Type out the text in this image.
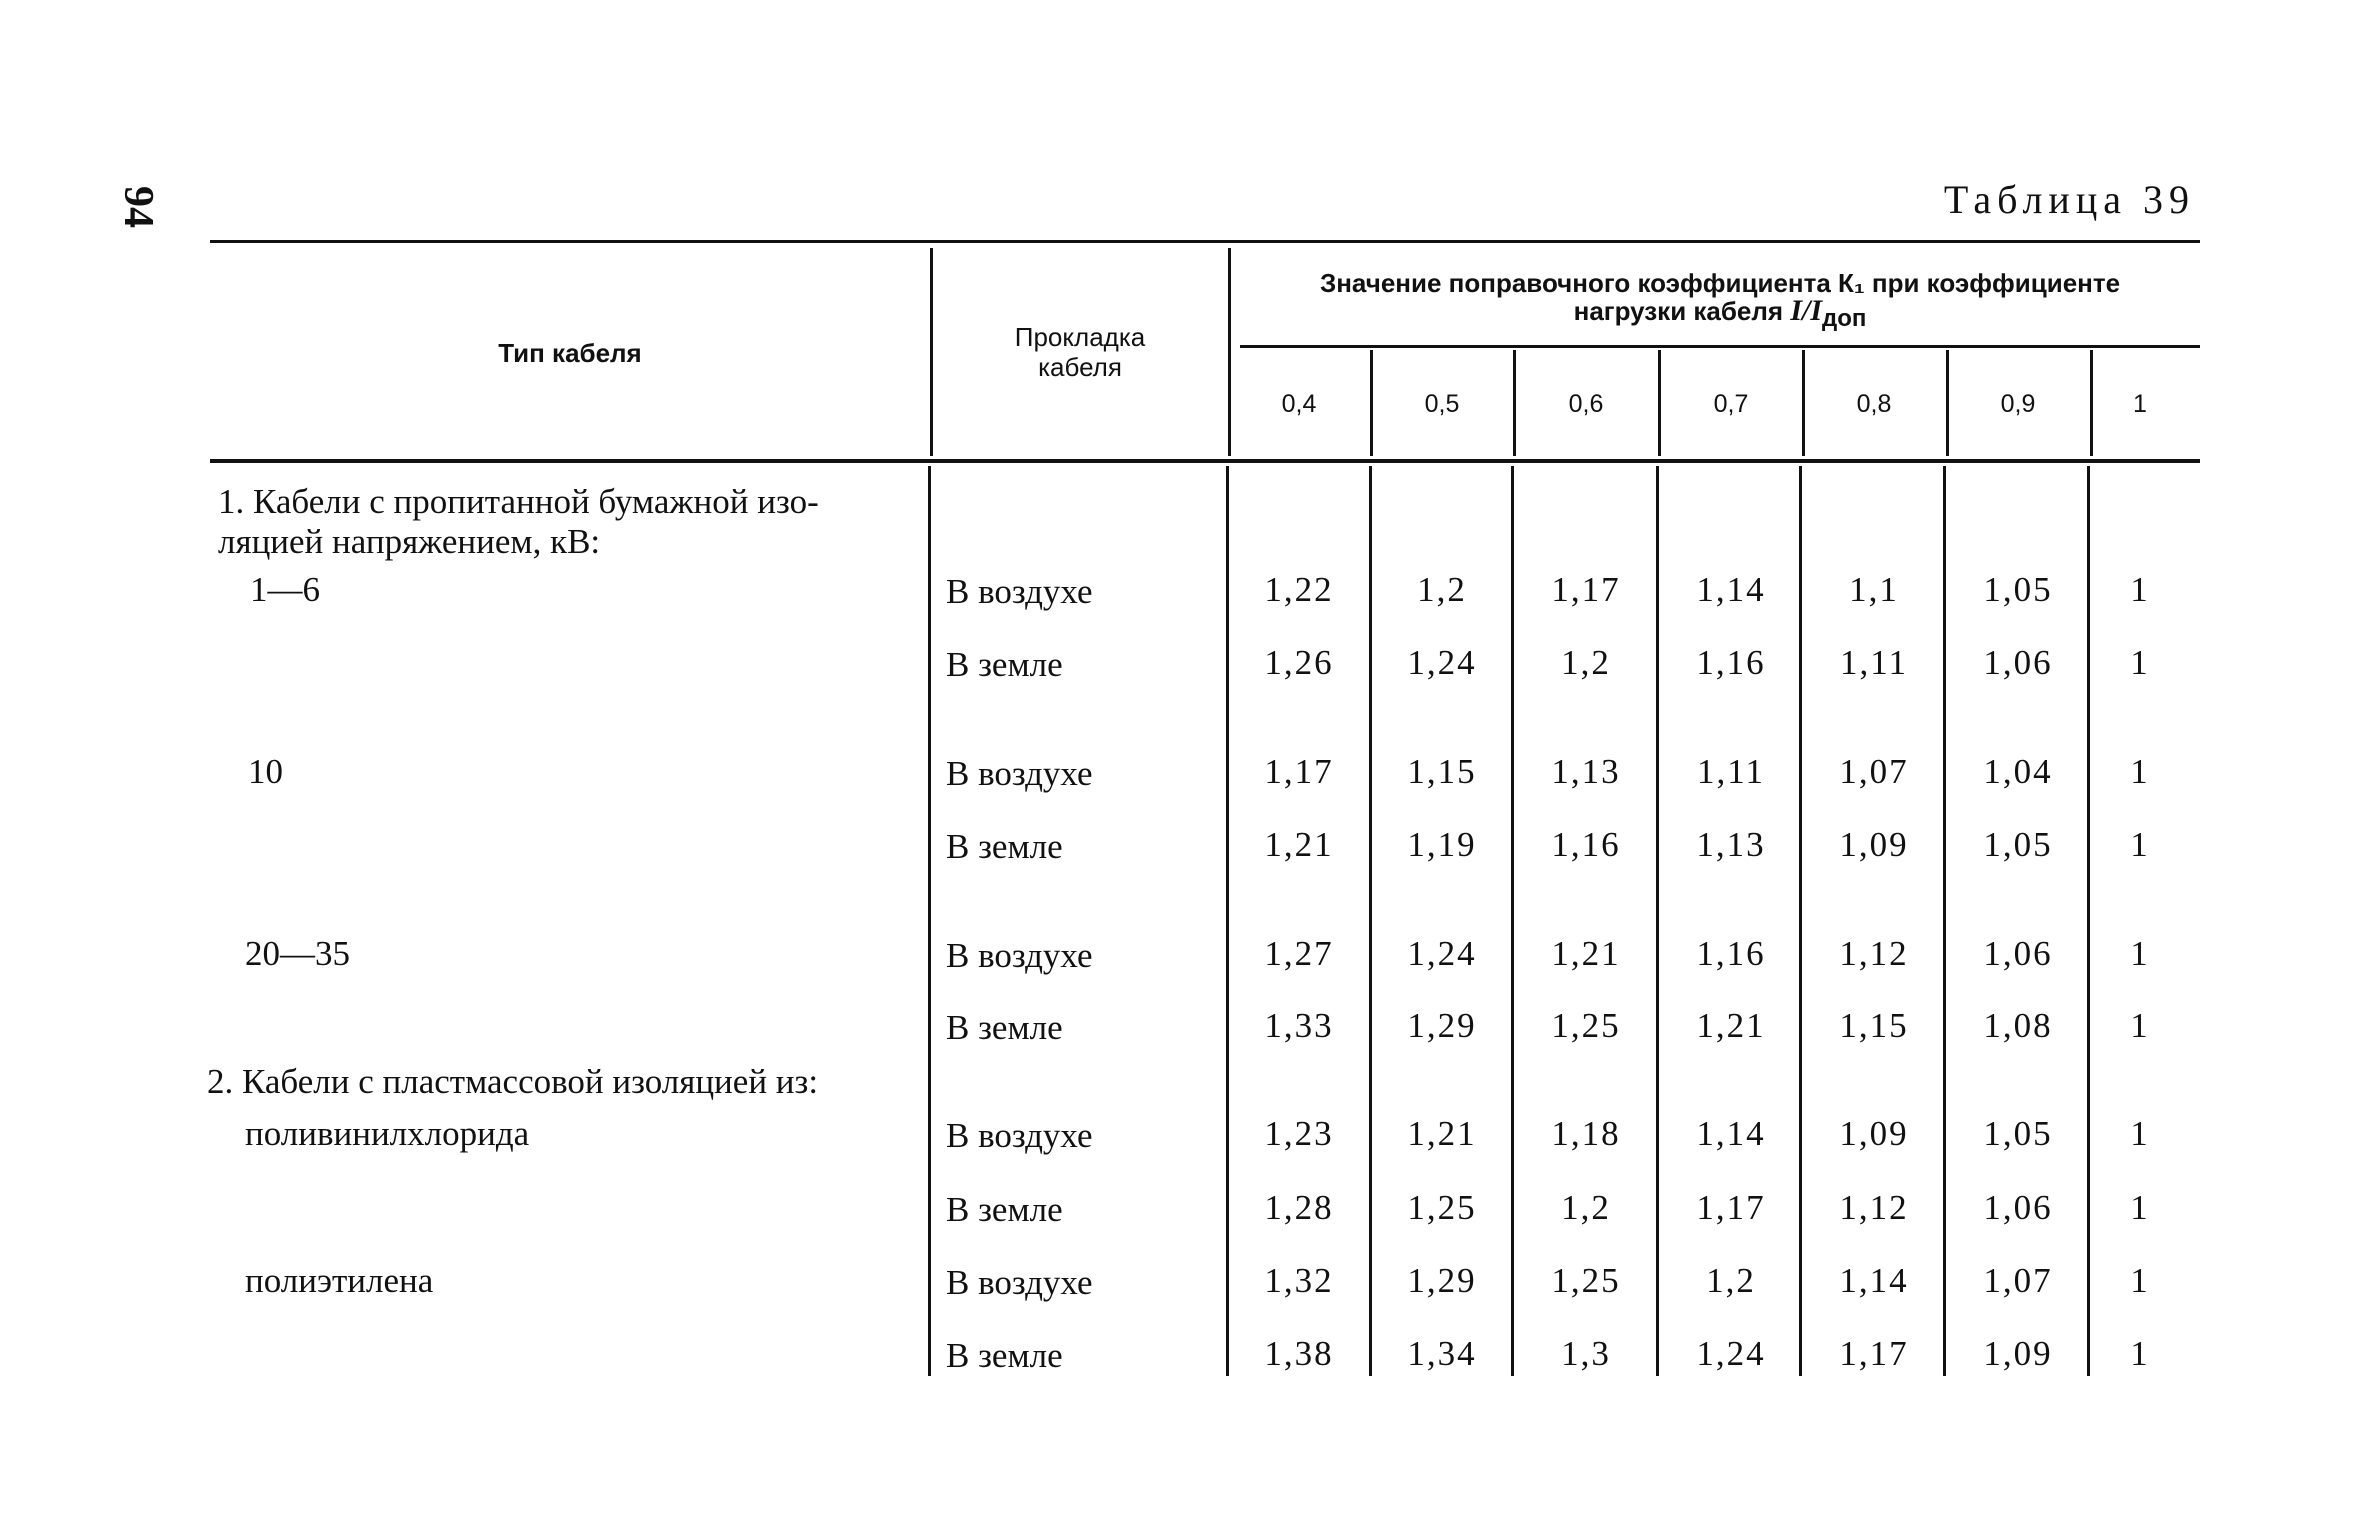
94	Таблица 39
Тип кабеля
Прокладка кабеля
Значение поправочного коэффициента К₁ при коэффициенте
нагрузки кабеля $I/I_{доп}$
0,4	0,5	0,6	0,7	0,8	0,9	1
1. Кабели с пропитанной бумажной изо-
ляцией напряжением, кВ:
2. Кабели с пластмассовой изоляцией из:
1—6	В воздухе	1,22	1,2	1,17	1,14	1,1	1,05	1
В земле	1,26	1,24	1,2	1,16	1,11	1,06	1
10	В воздухе	1,17	1,15	1,13	1,11	1,07	1,04	1
В земле	1,21	1,19	1,16	1,13	1,09	1,05	1
20—35	В воздухе	1,27	1,24	1,21	1,16	1,12	1,06	1
В земле	1,33	1,29	1,25	1,21	1,15	1,08	1
поливинилхлорида	В воздухе	1,23	1,21	1,18	1,14	1,09	1,05	1
В земле	1,28	1,25	1,2	1,17	1,12	1,06	1
полиэтилена	В воздухе	1,32	1,29	1,25	1,2	1,14	1,07	1
В земле	1,38	1,34	1,3	1,24	1,17	1,09	1
